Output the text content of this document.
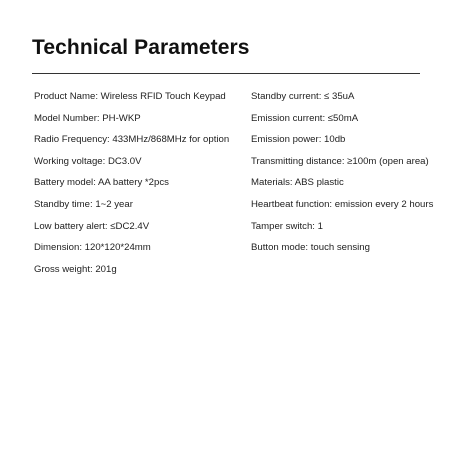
Technical Parameters
Product Name: Wireless RFID Touch Keypad
Model Number: PH-WKP
Radio Frequency: 433MHz/868MHz for option
Working voltage: DC3.0V
Battery model: AA battery *2pcs
Standby time: 1~2 year
Low battery alert: ≤DC2.4V
Dimension: 120*120*24mm
Gross weight: 201g
Standby current: ≤ 35uA
Emission current: ≤50mA
Emission power: 10db
Transmitting distance: ≥100m (open area)
Materials: ABS plastic
Heartbeat function: emission every 2 hours
Tamper switch: 1
Button mode: touch sensing
